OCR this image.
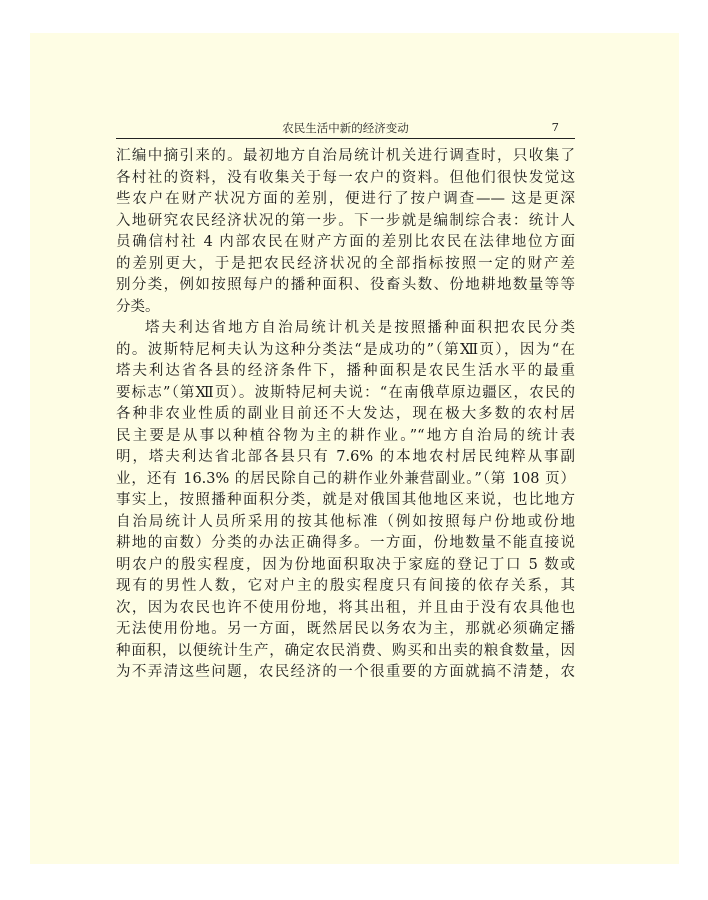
农民生活中新的经济变动	7
汇编中摘引来的。最初地方自治局统计机关进行调查时，只收集了
各村社的资料，没有收集关于每一农户的资料。但他们很快发觉这
些农户在财产状况方面的差别，便进行了按户调查—— 这是更深
入地研究农民经济状况的第一步。下一步就是编制综合表：统计人
员确信村社 4 内部农民在财产方面的差别比农民在法律地位方面
的差别更大，于是把农民经济状况的全部指标按照一定的财产差
别分类，例如按照每户的播种面积、役畜头数、份地耕地数量等等
分类。
塔夫利达省地方自治局统计机关是按照播种面积把农民分类
的。波斯特尼柯夫认为这种分类法“是成功的”（第Ⅻ页），因为“在
塔夫利达省各县的经济条件下，播种面积是农民生活水平的最重
要标志”（第Ⅻ页）。波斯特尼柯夫说：“在南俄草原边疆区，农民的
各种非农业性质的副业目前还不大发达，现在极大多数的农村居
民主要是从事以种植谷物为主的耕作业。”“地方自治局的统计表
明，塔夫利达省北部各县只有 7.6% 的本地农村居民纯粹从事副
业，还有 16.3% 的居民除自己的耕作业外兼营副业。”（第 108 页）
事实上，按照播种面积分类，就是对俄国其他地区来说，也比地方
自治局统计人员所采用的按其他标准（例如按照每户份地或份地
耕地的亩数）分类的办法正确得多。一方面，份地数量不能直接说
明农户的殷实程度，因为份地面积取决于家庭的登记丁口 5 数或
现有的男性人数，它对户主的殷实程度只有间接的依存关系，其
次，因为农民也许不使用份地，将其出租，并且由于没有农具他也
无法使用份地。另一方面，既然居民以务农为主，那就必须确定播
种面积，以便统计生产，确定农民消费、购买和出卖的粮食数量，因
为不弄清这些问题，农民经济的一个很重要的方面就搞不清楚，农
